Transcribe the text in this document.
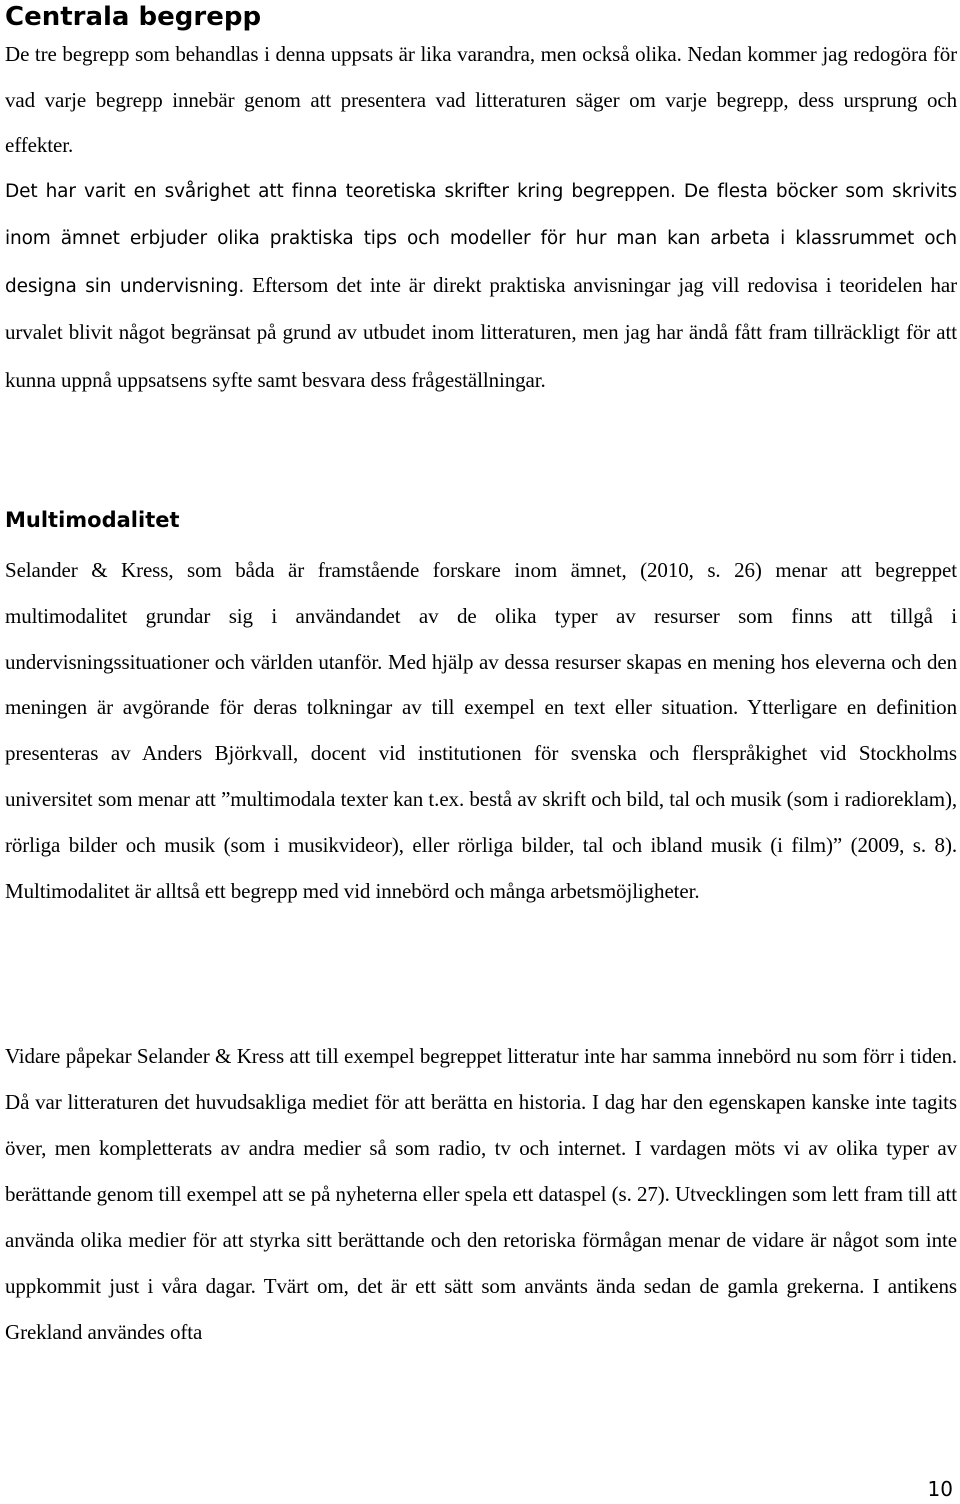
Centrala begrepp

De tre begrepp som behandlas i denna uppsats är lika varandra, men också olika. Nedan kommer jag redogöra för vad varje begrepp innebär genom att presentera vad litteraturen säger om varje begrepp, dess ursprung och effekter.

Det har varit en svårighet att finna teoretiska skrifter kring begreppen. De flesta böcker som skrivits inom ämnet erbjuder olika praktiska tips och modeller för hur man kan arbeta i klassrummet och designa sin undervisning. Eftersom det inte är direkt praktiska anvisningar jag vill redovisa i teoridelen har urvalet blivit något begränsat på grund av utbudet inom litteraturen, men jag har ändå fått fram tillräckligt för att kunna uppnå uppsatsens syfte samt besvara dess frågeställningar.

Multimodalitet

Selander & Kress, som båda är framstående forskare inom ämnet, (2010, s. 26) menar att begreppet multimodalitet grundar sig i användandet av de olika typer av resurser som finns att tillgå i undervisningssituationer och världen utanför. Med hjälp av dessa resurser skapas en mening hos eleverna och den meningen är avgörande för deras tolkningar av till exempel en text eller situation. Ytterligare en definition presenteras av Anders Björkvall, docent vid institutionen för svenska och flerspråkighet vid Stockholms universitet som menar att ”multimodala texter kan t.ex. bestå av skrift och bild, tal och musik (som i radioreklam), rörliga bilder och musik (som i musikvideor), eller rörliga bilder, tal och ibland musik (i film)” (2009, s. 8). Multimodalitet är alltså ett begrepp med vid innebörd och många arbetsmöjligheter.

Vidare påpekar Selander & Kress att till exempel begreppet litteratur inte har samma innebörd nu som förr i tiden. Då var litteraturen det huvudsakliga mediet för att berätta en historia. I dag har den egenskapen kanske inte tagits över, men kompletterats av andra medier så som radio, tv och internet. I vardagen möts vi av olika typer av berättande genom till exempel att se på nyheterna eller spela ett dataspel (s. 27). Utvecklingen som lett fram till att använda olika medier för att styrka sitt berättande och den retoriska förmågan menar de vidare är något som inte uppkommit just i våra dagar. Tvärt om, det är ett sätt som använts ända sedan de gamla grekerna. I antikens Grekland användes ofta

10
